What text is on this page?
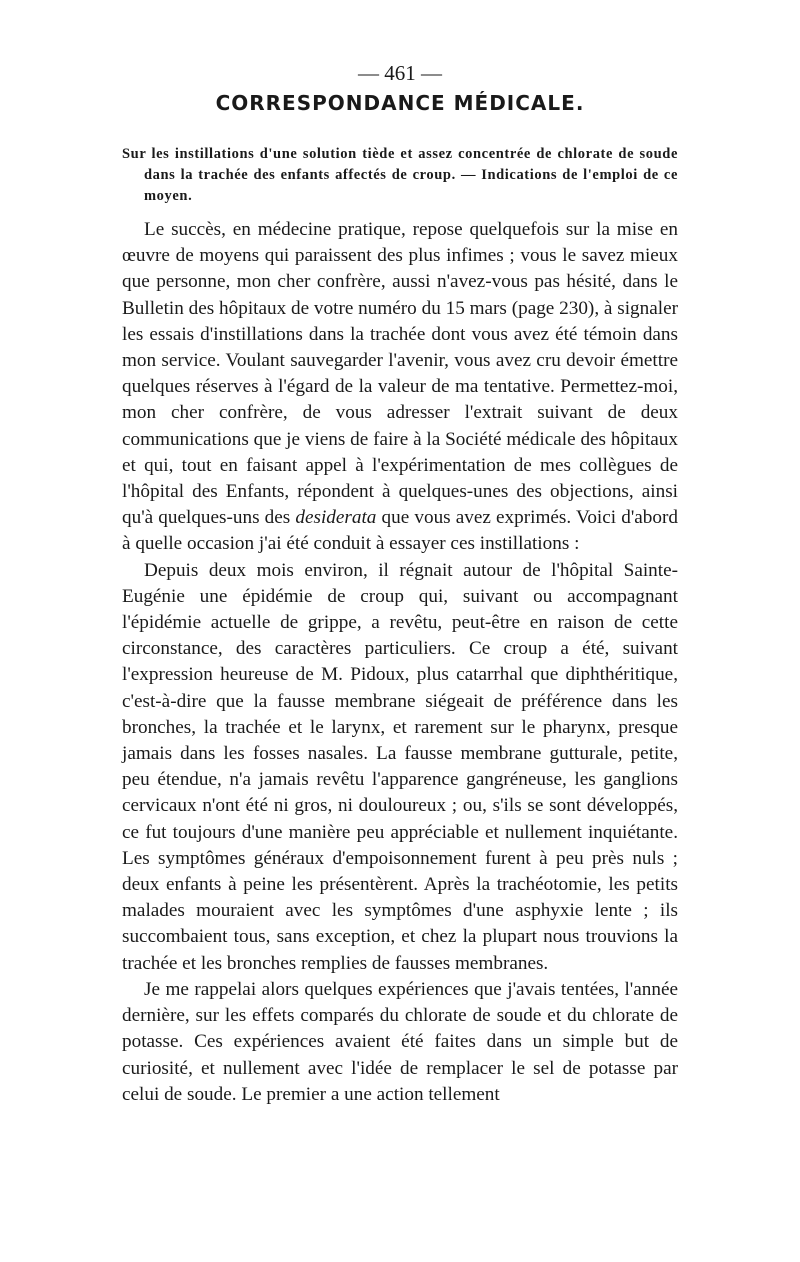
— 461 —

CORRESPONDANCE MÉDICALE.

Sur les instillations d'une solution tiède et assez concentrée de chlorate de soude dans la trachée des enfants affectés de croup. — Indications de l'emploi de ce moyen.

Le succès, en médecine pratique, repose quelquefois sur la mise en œuvre de moyens qui paraissent des plus infimes ; vous le savez mieux que personne, mon cher confrère, aussi n'avez-vous pas hésité, dans le Bulletin des hôpitaux de votre numéro du 15 mars (page 230), à signaler les essais d'instillations dans la trachée dont vous avez été témoin dans mon service. Voulant sauvegarder l'avenir, vous avez cru devoir émettre quelques réserves à l'égard de la valeur de ma tentative. Permettez-moi, mon cher confrère, de vous adresser l'extrait suivant de deux communications que je viens de faire à la Société médicale des hôpitaux et qui, tout en faisant appel à l'expérimentation de mes collègues de l'hôpital des Enfants, répondent à quelques-unes des objections, ainsi qu'à quelques-uns des desiderata que vous avez exprimés. Voici d'abord à quelle occasion j'ai été conduit à essayer ces instillations :

Depuis deux mois environ, il régnait autour de l'hôpital Sainte-Eugénie une épidémie de croup qui, suivant ou accompagnant l'épidémie actuelle de grippe, a revêtu, peut-être en raison de cette circonstance, des caractères particuliers. Ce croup a été, suivant l'expression heureuse de M. Pidoux, plus catarrhal que diphthéritique, c'est-à-dire que la fausse membrane siégeait de préférence dans les bronches, la trachée et le larynx, et rarement sur le pharynx, presque jamais dans les fosses nasales. La fausse membrane gutturale, petite, peu étendue, n'a jamais revêtu l'apparence gangréneuse, les ganglions cervicaux n'ont été ni gros, ni douloureux ; ou, s'ils se sont développés, ce fut toujours d'une manière peu appréciable et nullement inquiétante. Les symptômes généraux d'empoisonnement furent à peu près nuls ; deux enfants à peine les présentèrent. Après la trachéotomie, les petits malades mouraient avec les symptômes d'une asphyxie lente ; ils succombaient tous, sans exception, et chez la plupart nous trouvions la trachée et les bronches remplies de fausses membranes.

Je me rappelai alors quelques expériences que j'avais tentées, l'année dernière, sur les effets comparés du chlorate de soude et du chlorate de potasse. Ces expériences avaient été faites dans un simple but de curiosité, et nullement avec l'idée de remplacer le sel de potasse par celui de soude. Le premier a une action tellement
